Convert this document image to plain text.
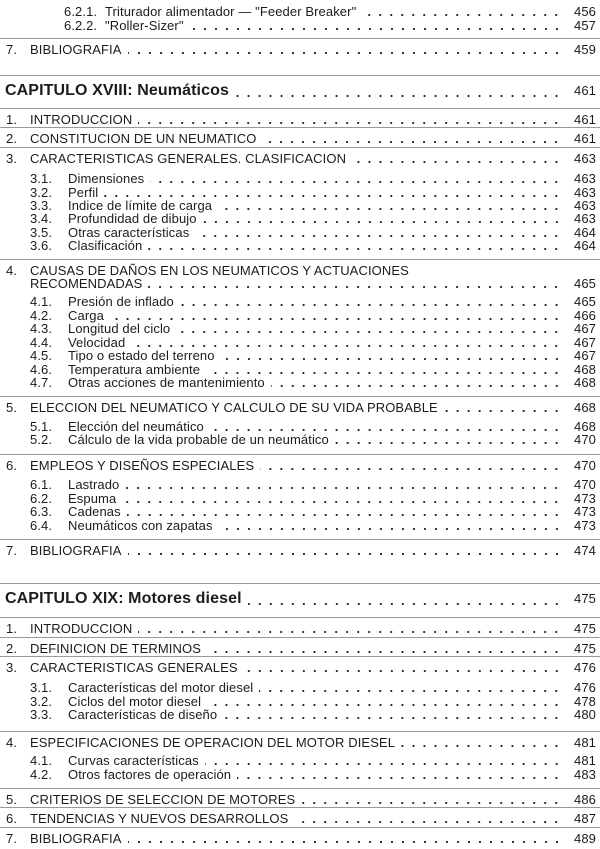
6.2.1. Triturador alimentador — "Feeder Breaker"	456
6.2.2. "Roller-Sizer"	457
7. BIBLIOGRAFIA	459
CAPITULO XVIII: Neumáticos	461
1. INTRODUCCION	461
2. CONSTITUCION DE UN NEUMATICO	461
3. CARACTERISTICAS GENERALES. CLASIFICACION	463
3.1.	Dimensiones	463
3.2.	Perfil	463
3.3.	Indice de límite de carga	463
3.4.	Profundidad de dibujo	463
3.5.	Otras características	464
3.6.	Clasificación	464
4. CAUSAS DE DAÑOS EN LOS NEUMATICOS Y ACTUACIONES
RECOMENDADAS	465
4.1.	Presión de inflado	465
4.2.	Carga	466
4.3.	Longitud del ciclo	467
4.4.	Velocidad	467
4.5.	Tipo o estado del terreno	467
4.6.	Temperatura ambiente	468
4.7.	Otras acciones de mantenimiento	468
5. ELECCION DEL NEUMATICO Y CALCULO DE SU VIDA PROBABLE	468
5.1.	Elección del neumático	468
5.2.	Cálculo de la vida probable de un neumático	470
6. EMPLEOS Y DISEÑOS ESPECIALES	470
6.1.	Lastrado	470
6.2.	Espuma	473
6.3.	Cadenas	473
6.4.	Neumáticos con zapatas	473
7. BIBLIOGRAFIA	474
CAPITULO XIX: Motores diesel	475
1. INTRODUCCION	475
2. DEFINICION DE TERMINOS	475
3. CARACTERISTICAS GENERALES	476
3.1.	Características del motor diesel	476
3.2.	Ciclos del motor diesel	478
3.3.	Características de diseño	480
4. ESPECIFICACIONES DE OPERACION DEL MOTOR DIESEL	481
4.1.	Curvas características	481
4.2.	Otros factores de operación	483
5. CRITERIOS DE SELECCION DE MOTORES	486
6. TENDENCIAS Y NUEVOS DESARROLLOS	487
7. BIBLIOGRAFIA	489
